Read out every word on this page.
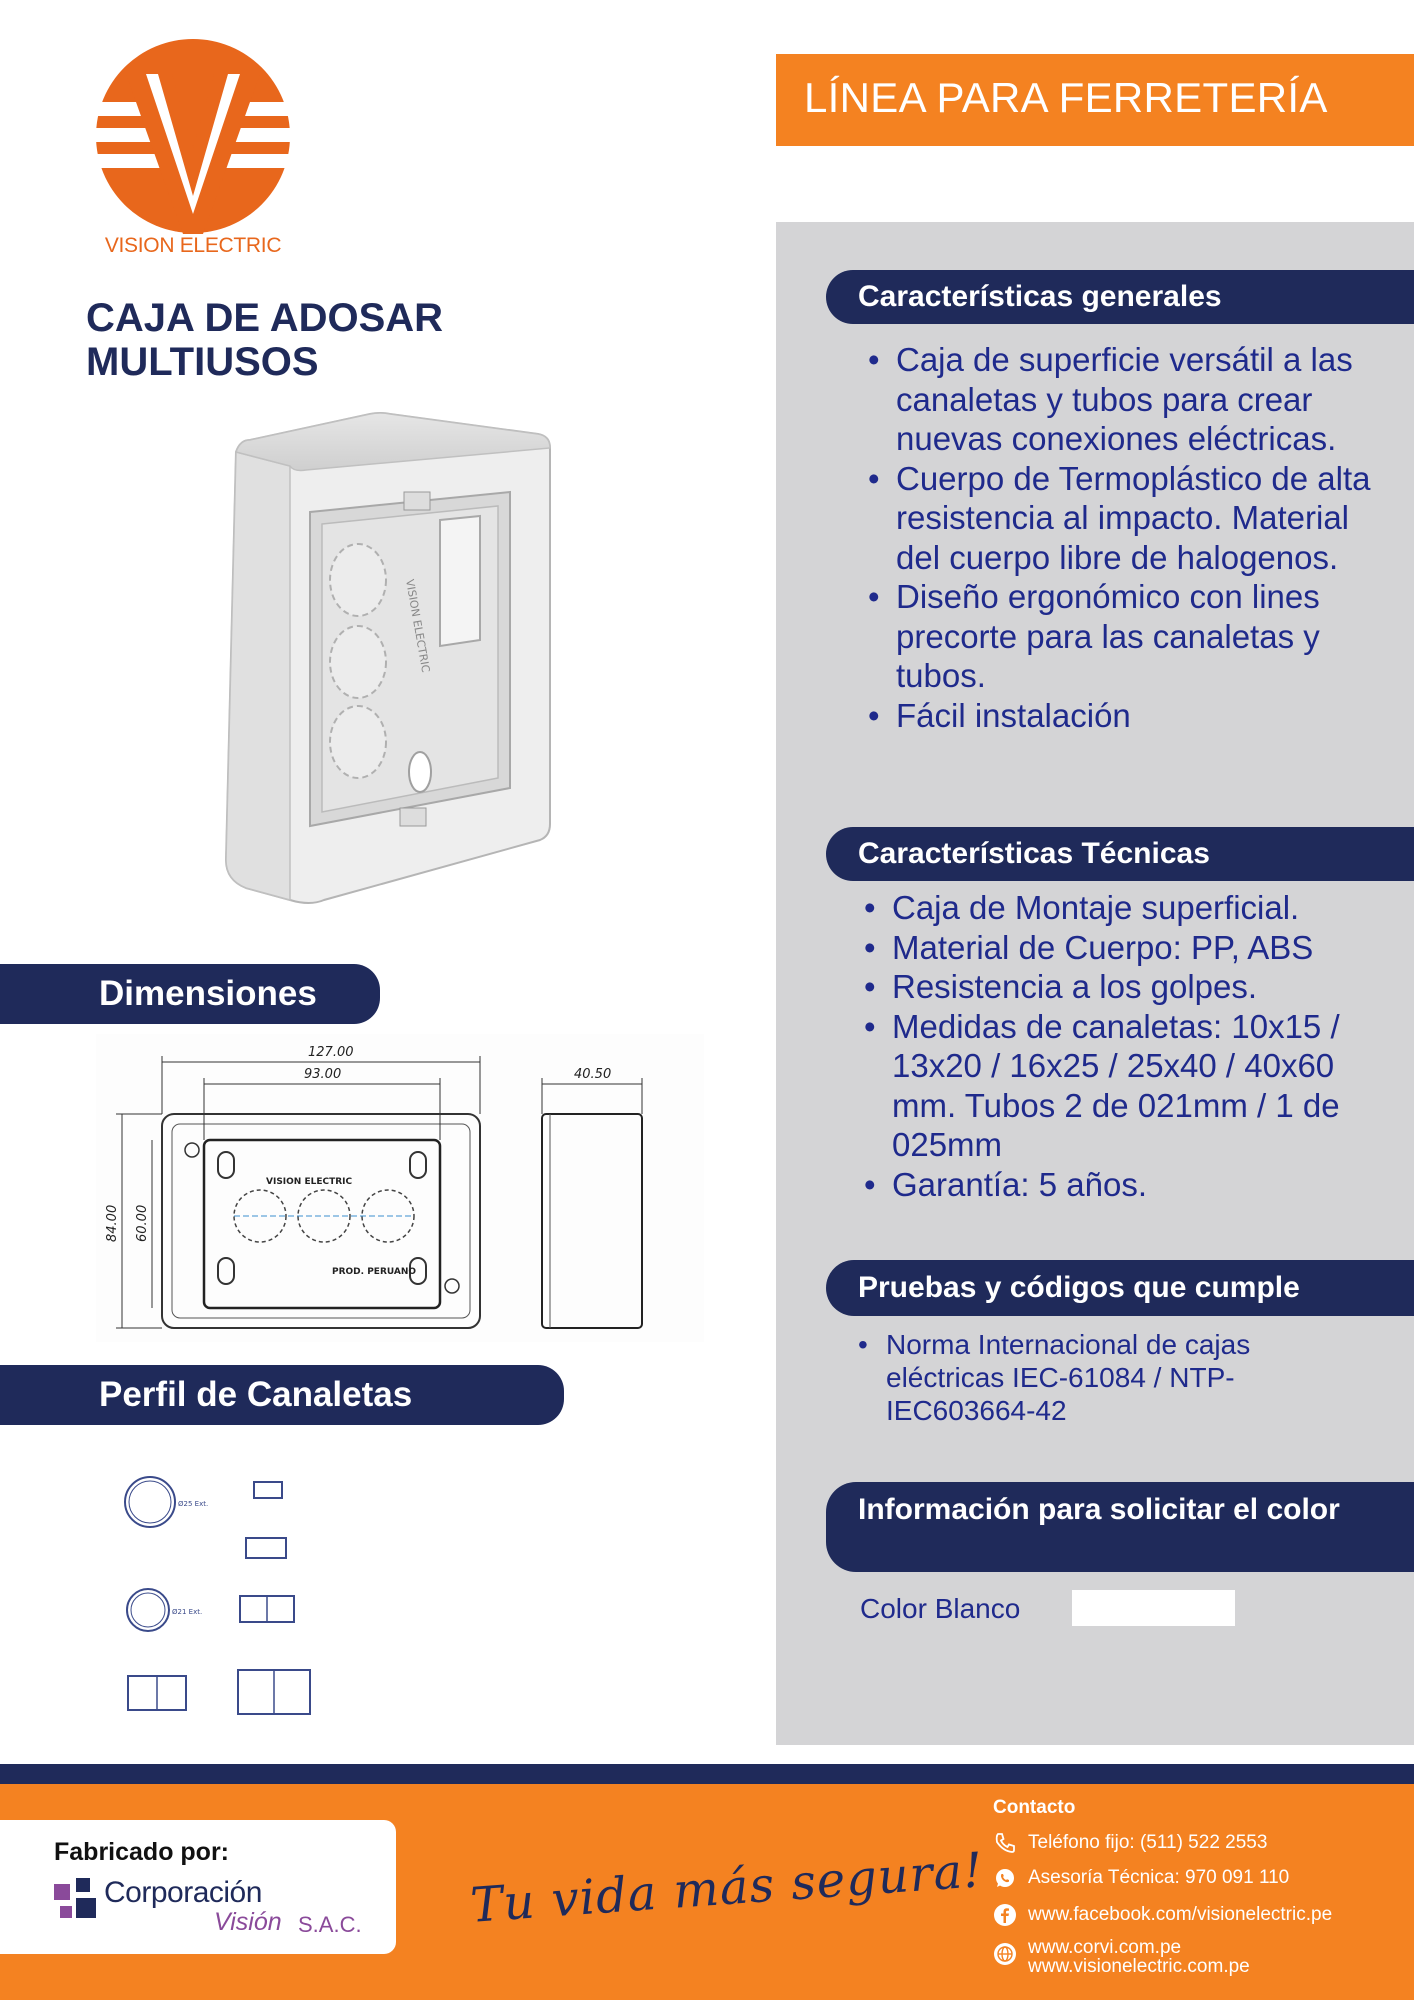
VISION ELECTRIC
CAJA DE ADOSAR
MULTIUSOS
VISION ELECTRIC
Dimensiones
VISION ELECTRIC
PROD. PERUANO
127.00
93.00
84.00 60.00
40.50
Perfil de Canaletas
Ø25 Ext.
Ø21 Ext.
LÍNEA PARA FERRETERÍA
Características generales
• Caja de superficie versátil a las canaletas y tubos para crear nuevas conexiones eléctricas.
• Cuerpo de Termoplástico de alta resistencia al impacto. Material del cuerpo libre de halogenos.
• Diseño ergonómico con lines precorte para las canaletas y tubos.
• Fácil instalación
Características Técnicas
• Caja de Montaje superficial.
• Material de Cuerpo: PP, ABS
• Resistencia a los golpes.
• Medidas de canaletas: 10x15 / 13x20 / 16x25 / 25x40 / 40x60 mm. Tubos 2 de 021mm / 1 de 025mm
• Garantía: 5 años.
Pruebas y códigos que cumple
• Norma Internacional de cajas eléctricas IEC-61084 / NTP-IEC603664-42
Información para solicitar el color
Color Blanco
Fabricado por:
Corporación
Visión S.A.C. Tu vida más segura!
Contacto
Teléfono fijo: (511) 522 2553
Asesoría Técnica: 970 091 110
www.facebook.com/visionelectric.pe
www.corvi.com.pe
www.visionelectric.com.pe
